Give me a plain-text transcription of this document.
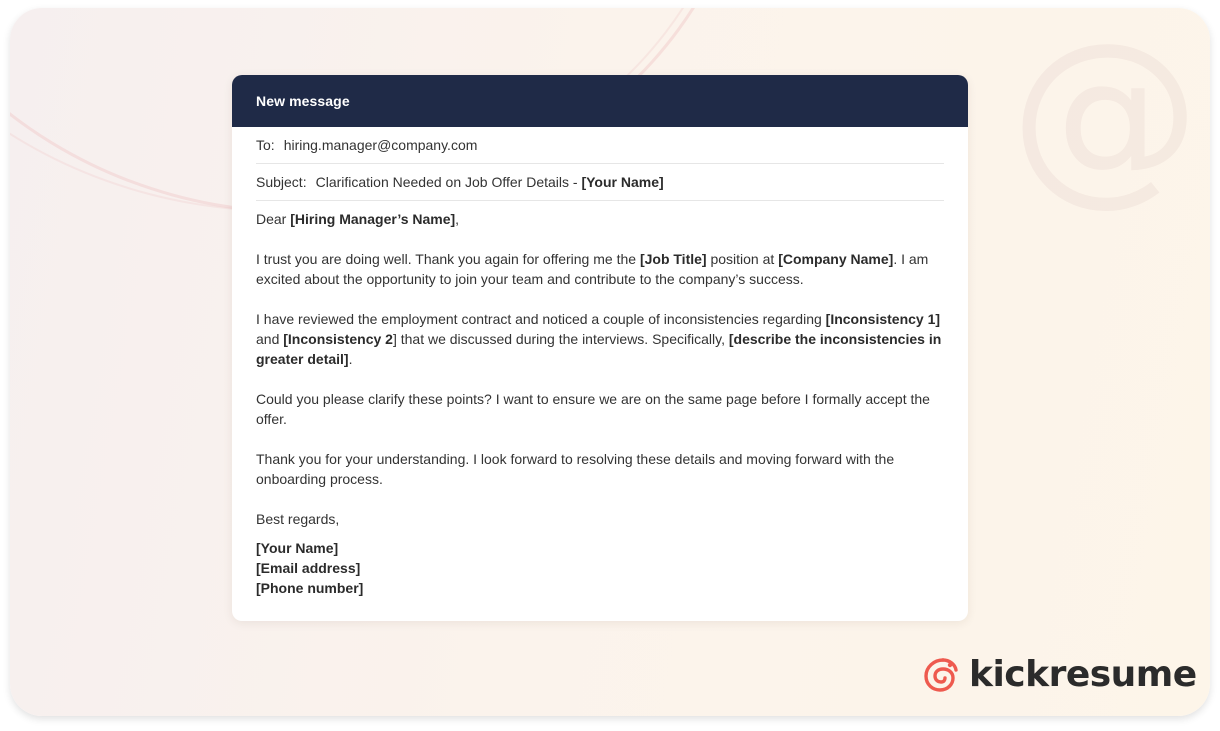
@
New message
To: hiring.manager@company.com
Subject: Clarification Needed on Job Offer Details - [Your Name]

Dear [Hiring Manager’s Name],

I trust you are doing well. Thank you again for offering me the [Job Title] position at [Company Name]. I am excited about the opportunity to join your team and contribute to the company’s success.

I have reviewed the employment contract and noticed a couple of inconsistencies regarding [Inconsistency 1] and [Inconsistency 2] that we discussed during the interviews. Specifically, [describe the inconsistencies in greater detail].

Could you please clarify these points? I want to ensure we are on the same page before I formally accept the offer.

Thank you for your understanding. I look forward to resolving these details and moving forward with the onboarding process.

Best regards,

[Your Name]
[Email address]
[Phone number]

kickresume
